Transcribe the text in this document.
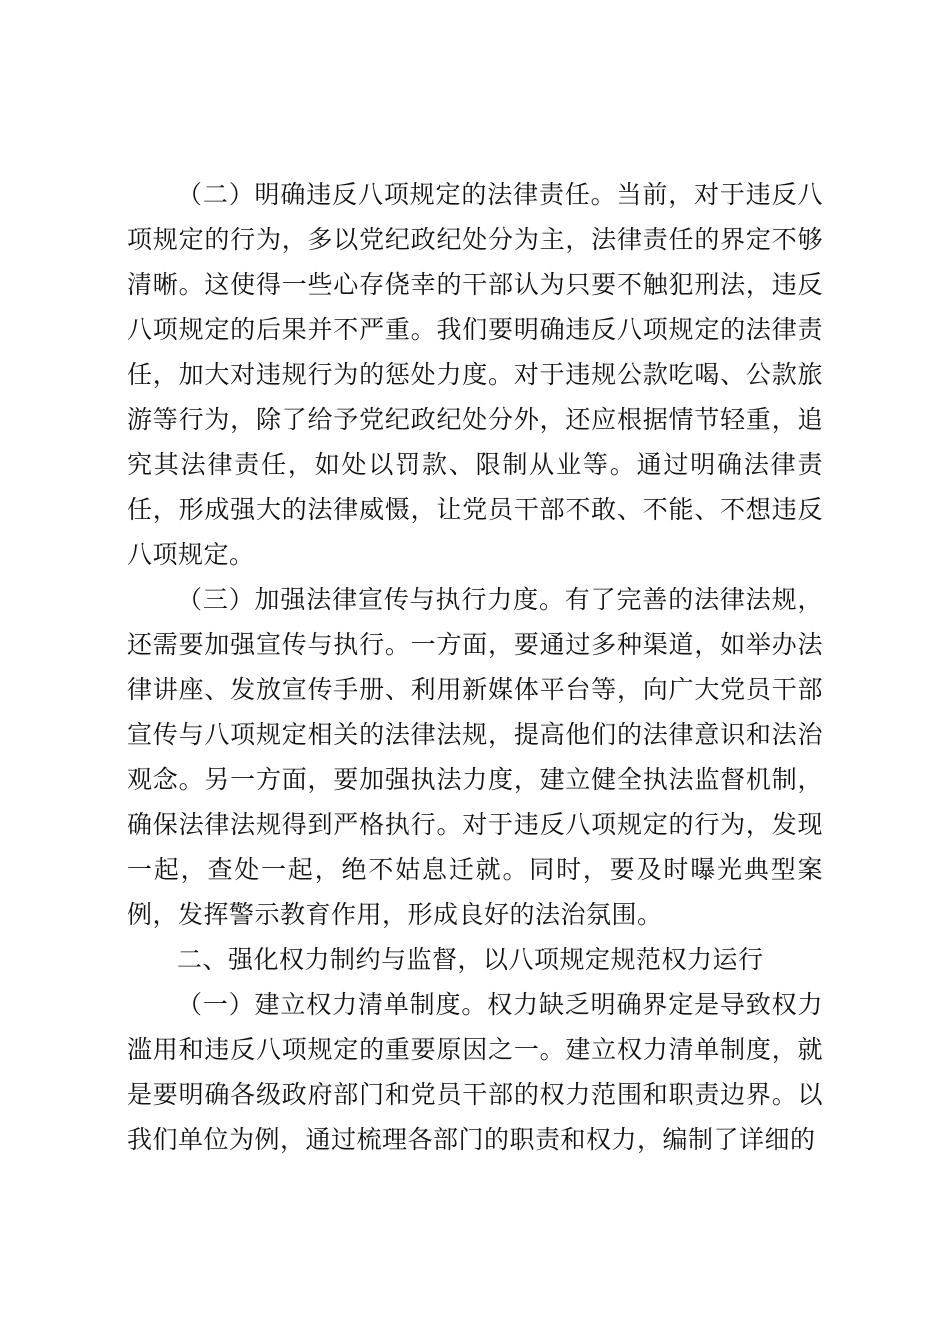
（二）明确违反八项规定的法律责任。当前，对于违反八项规定的行为，多以党纪政纪处分为主，法律责任的界定不够清晰。这使得一些心存侥幸的干部认为只要不触犯刑法，违反八项规定的后果并不严重。我们要明确违反八项规定的法律责任，加大对违规行为的惩处力度。对于违规公款吃喝、公款旅游等行为，除了给予党纪政纪处分外，还应根据情节轻重，追究其法律责任，如处以罚款、限制从业等。通过明确法律责任，形成强大的法律威慑，让党员干部不敢、不能、不想违反八项规定。

（三）加强法律宣传与执行力度。有了完善的法律法规，还需要加强宣传与执行。一方面，要通过多种渠道，如举办法律讲座、发放宣传手册、利用新媒体平台等，向广大党员干部宣传与八项规定相关的法律法规，提高他们的法律意识和法治观念。另一方面，要加强执法力度，建立健全执法监督机制，确保法律法规得到严格执行。对于违反八项规定的行为，发现一起，查处一起，绝不姑息迁就。同时，要及时曝光典型案例，发挥警示教育作用，形成良好的法治氛围。

二、强化权力制约与监督，以八项规定规范权力运行

（一）建立权力清单制度。权力缺乏明确界定是导致权力滥用和违反八项规定的重要原因之一。建立权力清单制度，就是要明确各级政府部门和党员干部的权力范围和职责边界。以我们单位为例，通过梳理各部门的职责和权力，编制了详细的
